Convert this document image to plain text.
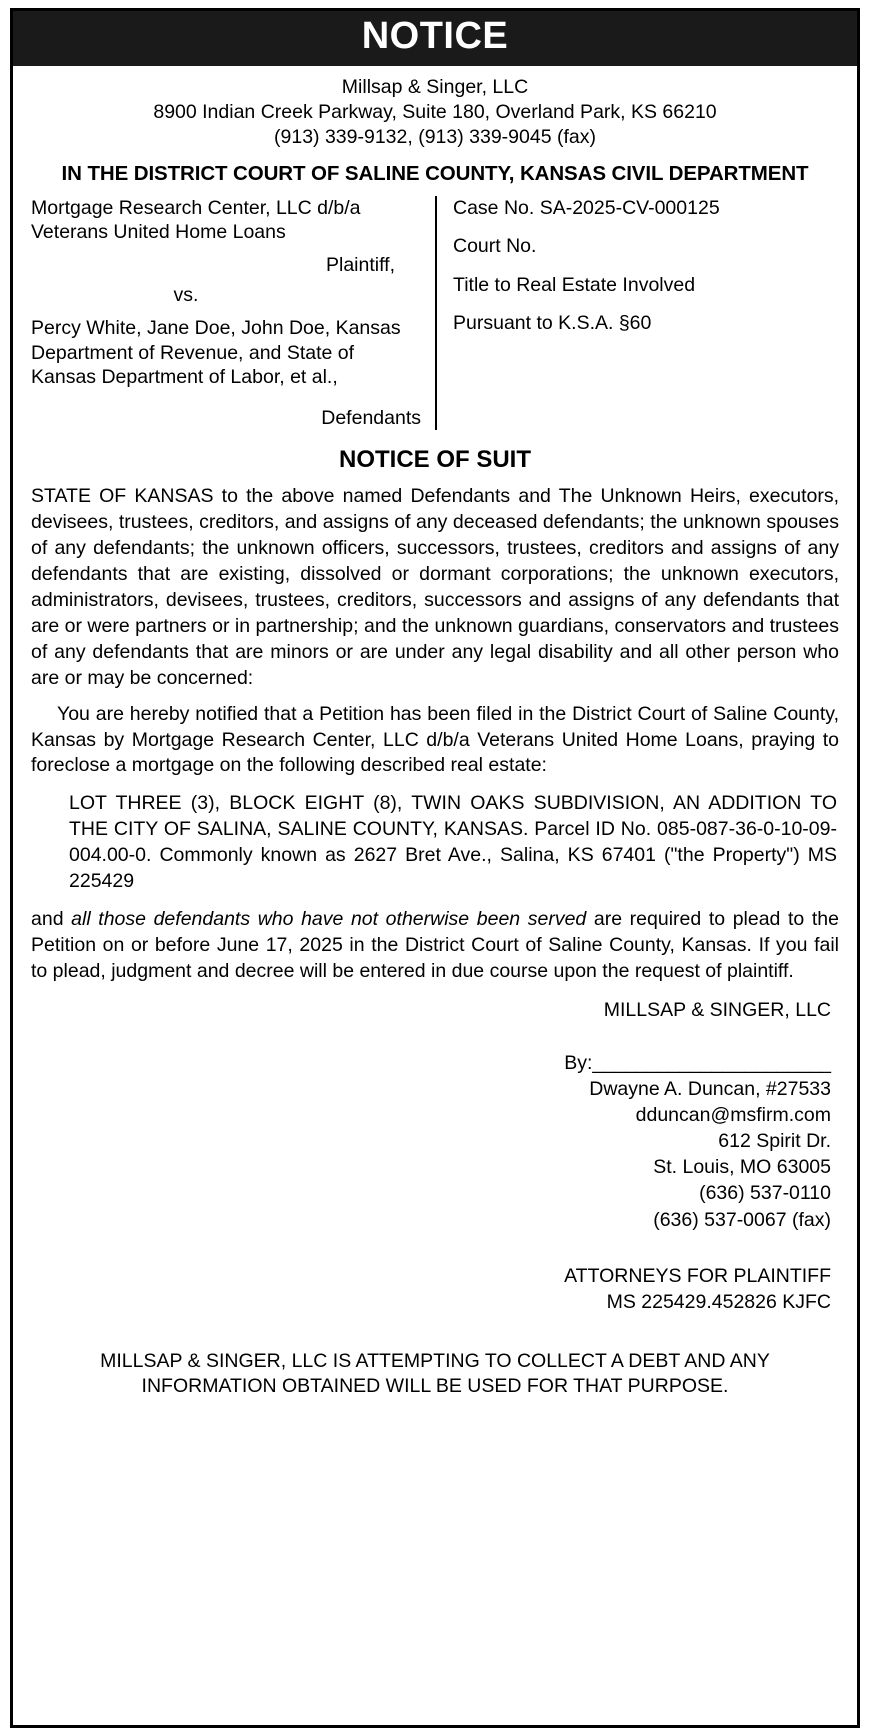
NOTICE
Millsap & Singer, LLC
8900 Indian Creek Parkway, Suite 180, Overland Park, KS 66210
(913) 339-9132, (913) 339-9045 (fax)
IN THE DISTRICT COURT OF SALINE COUNTY, KANSAS CIVIL DEPARTMENT
Mortgage Research Center, LLC d/b/a Veterans United Home Loans
Plaintiff,
vs.
Percy White, Jane Doe, John Doe, Kansas Department of Revenue, and State of Kansas Department of Labor, et al.,
Defendants
Case No. SA-2025-CV-000125
Court No.
Title to Real Estate Involved
Pursuant to K.S.A. §60
NOTICE OF SUIT
STATE OF KANSAS to the above named Defendants and The Unknown Heirs, executors, devisees, trustees, creditors, and assigns of any deceased defendants; the unknown spouses of any defendants; the unknown officers, successors, trustees, creditors and assigns of any defendants that are existing, dissolved or dormant corporations; the unknown executors, administrators, devisees, trustees, creditors, successors and assigns of any defendants that are or were partners or in partnership; and the unknown guardians, conservators and trustees of any defendants that are minors or are under any legal disability and all other person who are or may be concerned:
You are hereby notified that a Petition has been filed in the District Court of Saline County, Kansas by Mortgage Research Center, LLC d/b/a Veterans United Home Loans, praying to foreclose a mortgage on the following described real estate:
LOT THREE (3), BLOCK EIGHT (8), TWIN OAKS SUBDIVISION, AN ADDITION TO THE CITY OF SALINA, SALINE COUNTY, KANSAS. Parcel ID No. 085-087-36-0-10-09-004.00-0. Commonly known as 2627 Bret Ave., Salina, KS 67401 ("the Property") MS 225429
and all those defendants who have not otherwise been served are required to plead to the Petition on or before June 17, 2025 in the District Court of Saline County, Kansas. If you fail to plead, judgment and decree will be entered in due course upon the request of plaintiff.
MILLSAP & SINGER, LLC
By:______________________
Dwayne A. Duncan, #27533
dduncan@msfirm.com
612 Spirit Dr.
St. Louis, MO 63005
(636) 537-0110
(636) 537-0067 (fax)
ATTORNEYS FOR PLAINTIFF
MS 225429.452826 KJFC
MILLSAP & SINGER, LLC IS ATTEMPTING TO COLLECT A DEBT AND ANY
INFORMATION OBTAINED WILL BE USED FOR THAT PURPOSE.
